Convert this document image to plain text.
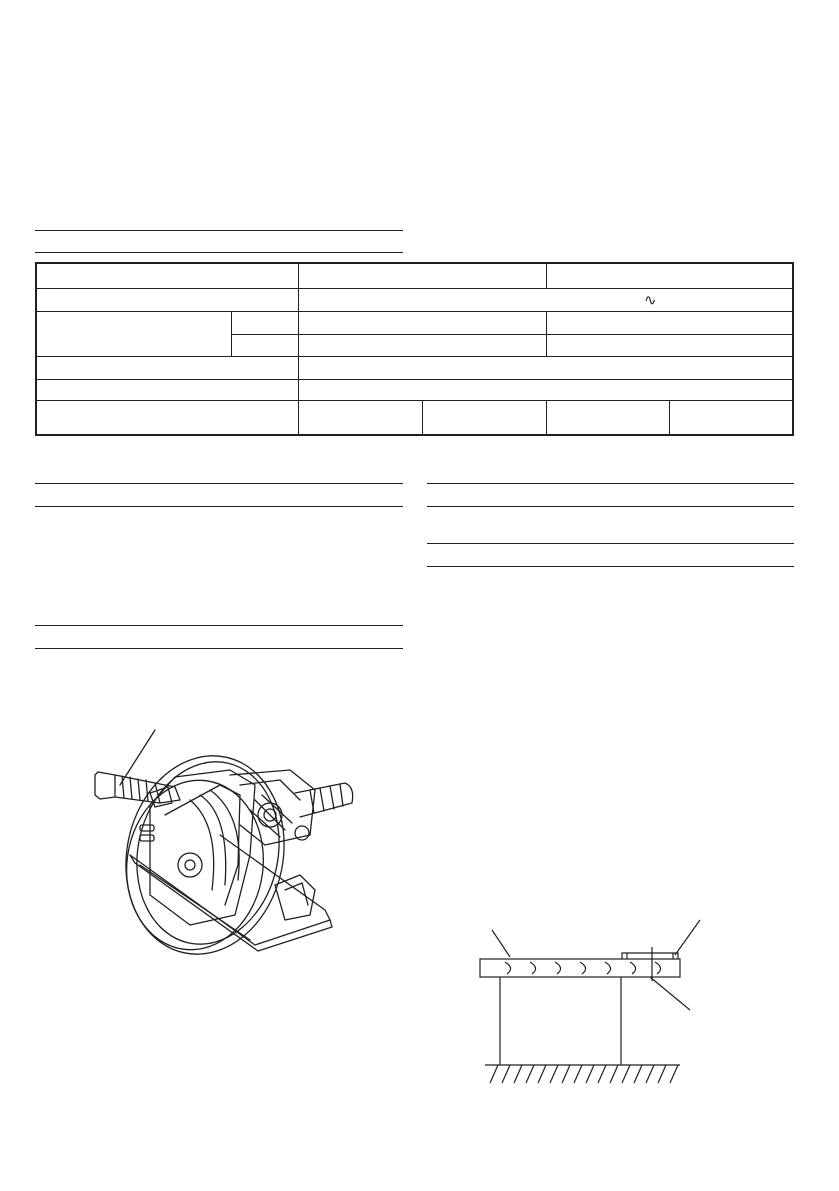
∿
